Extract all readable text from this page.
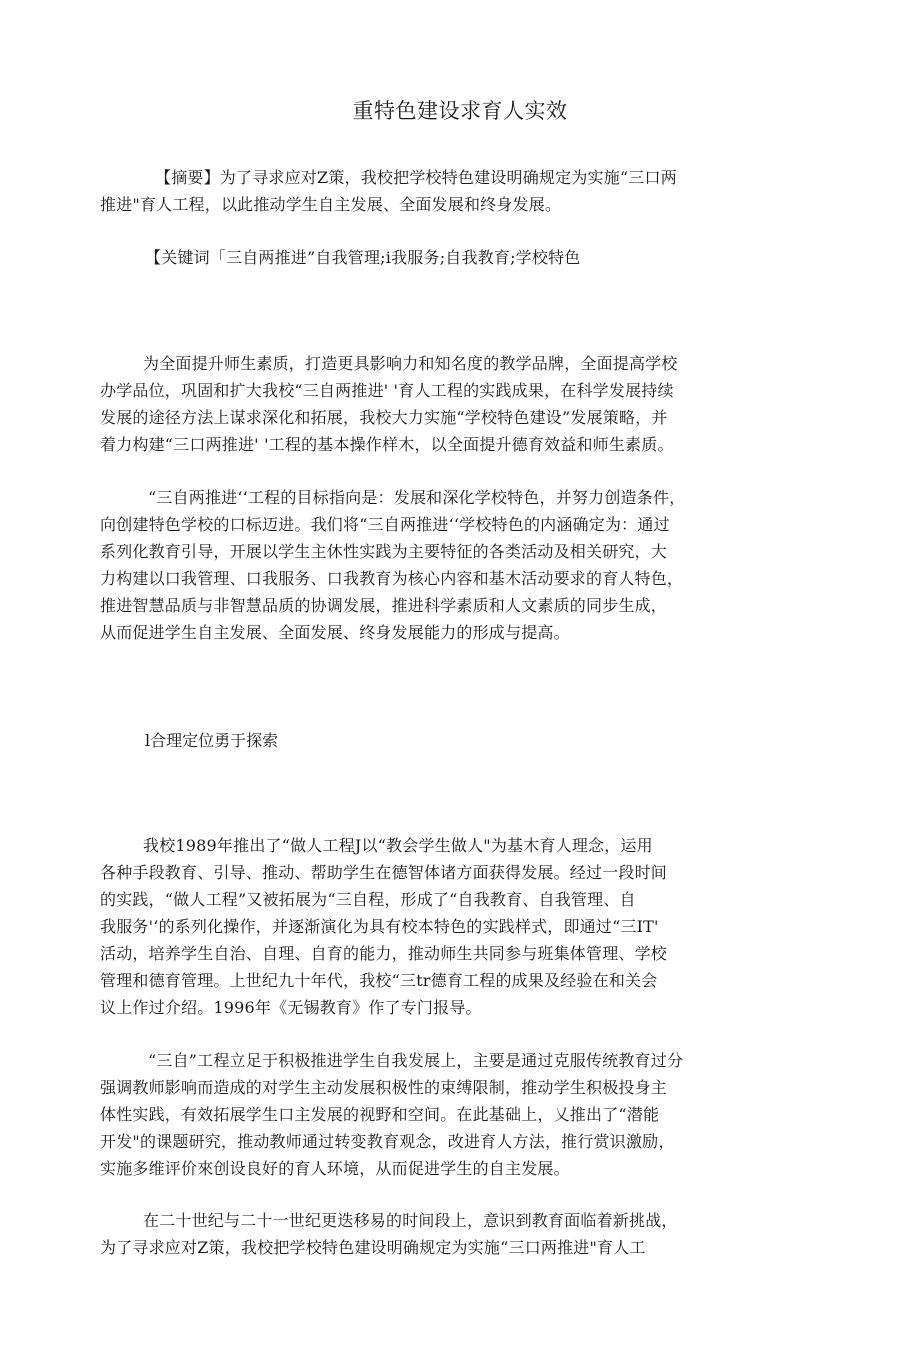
重特色建设求育人实效
【摘要】为了寻求应对Z策，我校把学校特色建设明确规定为实施“三口两
推进"育人工程，以此推动学生自主发展、全面发展和终身发展。
【关键词「三自两推进”自我管理;i我服务;自我教育;学校特色
为全面提升师生素质，打造更具影响力和知名度的教学品牌，全面提高学校
办学品位，巩固和扩大我校“三自两推进' '育人工程的实践成果，在科学发展持续
发展的途径方法上谋求深化和拓展，我校大力实施“学校特色建设”发展策略，并
着力构建“三口两推进' '工程的基本操作样木，以全面提升德育效益和师生素质。
“三自两推进‘‘工程的目标指向是：发展和深化学校特色，并努力创造条件，
向创建特色学校的口标迈进。我们将“三自两推进‘‘学校特色的内涵确定为：通过
系列化教育引导，开展以学生主休性实践为主要特征的各类活动及相关研究，大
力构建以口我管理、口我服务、口我教育为核心内容和基木活动要求的育人特色，
推进智慧品质与非智慧品质的协调发展，推进科学素质和人文素质的同步生成，
从而促进学生自主发展、全面发展、终身发展能力的形成与提高。
l合理定位勇于探索
我校1989年推出了“做人工程J以“教会学生做人"为基木育人理念，运用
各种手段教育、引导、推动、帮助学生在德智体诸方面获得发展。经过一段时间
的实践，“做人工程”又被拓展为“三自程，形成了“自我教育、自我管理、自
我服务'‘的系列化操作，并逐渐演化为具有校本特色的实践样式，即通过“三IT'
活动，培养学生自治、自理、自育的能力，推动师生共同参与班集体管理、学校
管理和德育管理。上世纪九十年代，我校“三tr德育工程的成果及经验在和关会
议上作过介绍。1996年《无锡教育》作了专门报导。
“三自”工程立足于积极推进学生自我发展上，主要是通过克服传统教育过分
强调教师影响而造成的对学生主动发展积极性的束缚限制，推动学生积极投身主
体性实践，有效拓展学生口主发展的视野和空间。在此基础上，乂推出了“潜能
开发"的课题研究，推动教师通过转变教育观念，改进育人方法，推行赏识激励，
实施多维评价來创设良好的育人环境，从而促进学生的自主发展。
在二十世纪与二十一世纪更迭移易的时间段上，意识到教育面临着新挑战，
为了寻求应对Z策，我校把学校特色建设明确规定为实施“三口两推进"育人工
